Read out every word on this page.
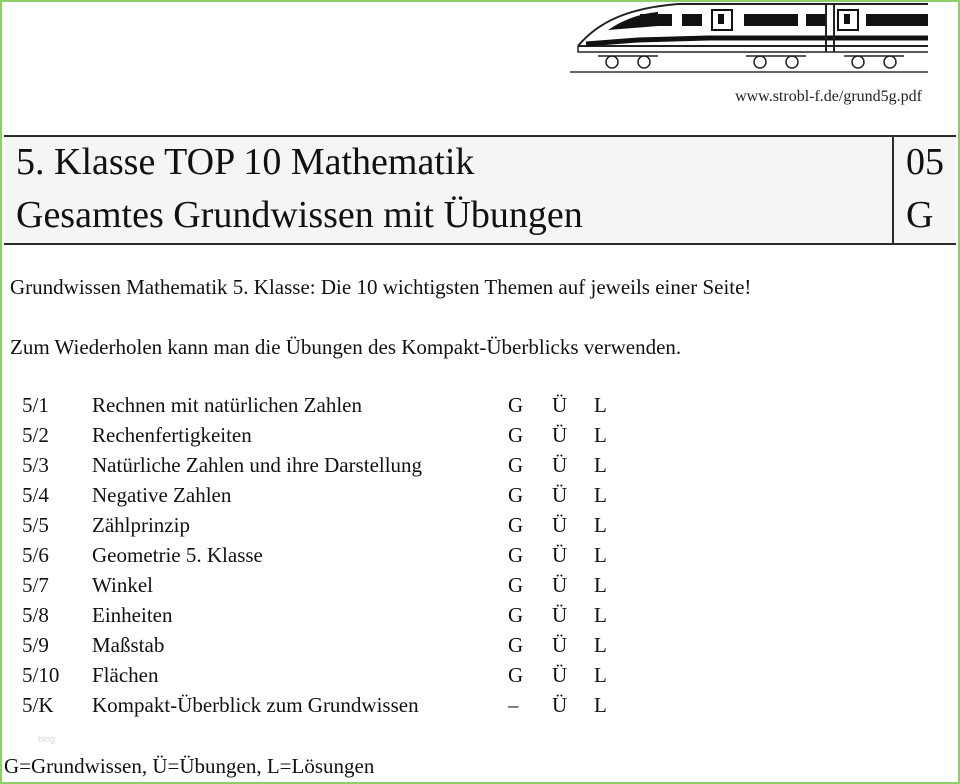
www.strobl-f.de/grund5g.pdf
5. Klasse TOP 10 Mathematik
Gesamtes Grundwissen mit Übungen
05
G
Grundwissen Mathematik 5. Klasse: Die 10 wichtigsten Themen auf jeweils einer Seite!
Zum Wiederholen kann man die Übungen des Kompakt-Überblicks verwenden.
5/1 Rechnen mit natürlichen Zahlen	G Ü L
5/2 Rechenfertigkeiten	G Ü L
5/3 Natürliche Zahlen und ihre Darstellung	G Ü L
5/4 Negative Zahlen	G Ü L
5/5 Zählprinzip	G Ü L
5/6 Geometrie 5. Klasse	G Ü L
5/7 Winkel	G Ü L
5/8 Einheiten	G Ü L
5/9 Maßstab	G Ü L
5/10 Flächen	G Ü L
5/K Kompakt-Überblick zum Grundwissen	– Ü L
blog
G=Grundwissen, Ü=Übungen, L=Lösungen
